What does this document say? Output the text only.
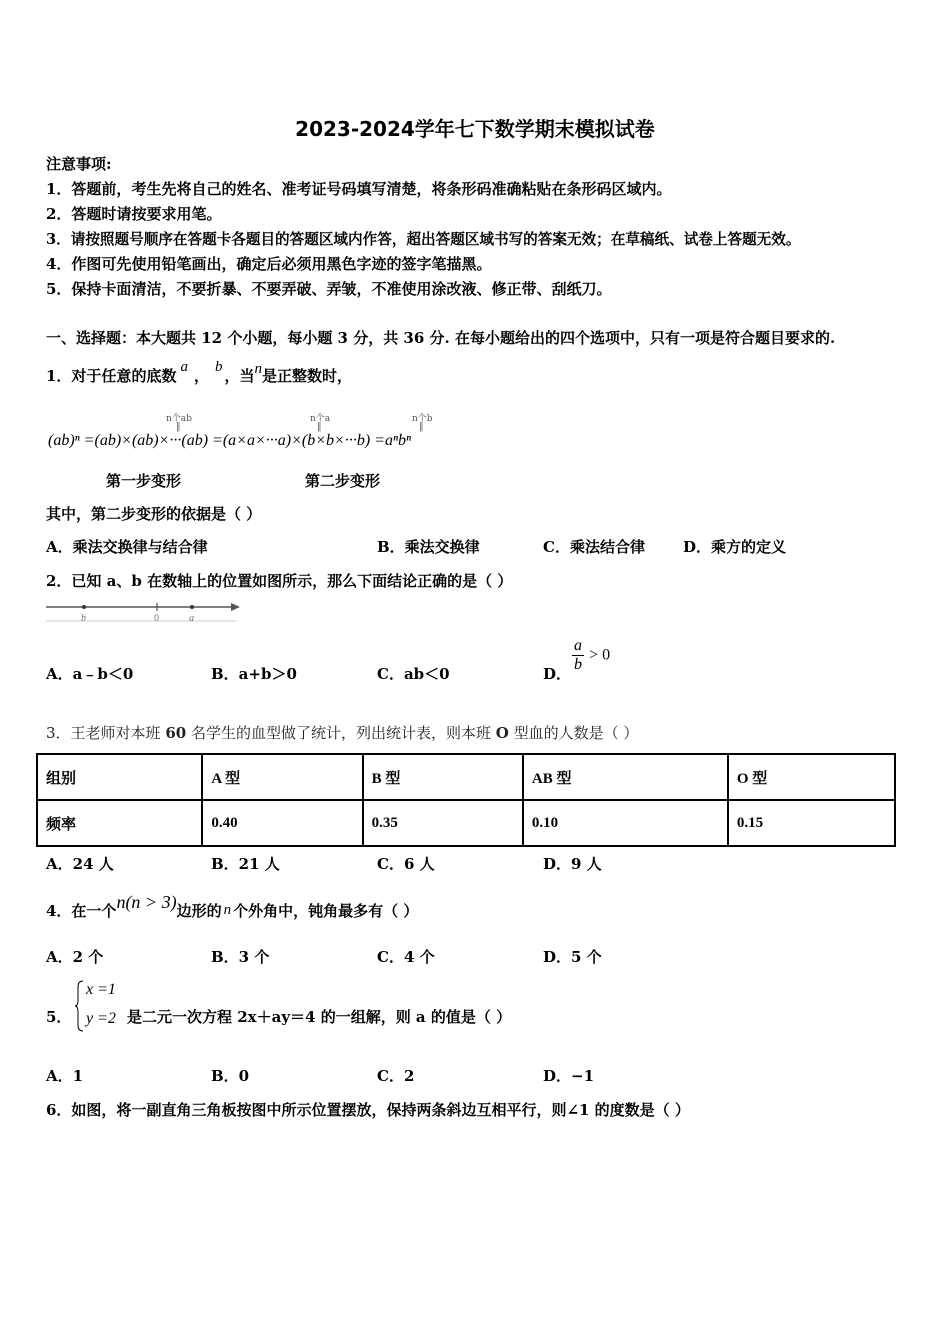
2023-2024学年七下数学期末模拟试卷
注意事项:
1．答题前，考生先将自己的姓名、准考证号码填写清楚，将条形码准确粘贴在条形码区域内。
2．答题时请按要求用笔。
3．请按照题号顺序在答题卡各题目的答题区域内作答，超出答题区域书写的答案无效；在草稿纸、试卷上答题无效。
4．作图可先使用铅笔画出，确定后必须用黑色字迹的签字笔描黑。
5．保持卡面清洁，不要折暴、不要弄破、弄皱，不准使用涂改液、修正带、刮纸刀。
一、选择题：本大题共 12 个小题，每小题 3 分，共 36 分. 在每小题给出的四个选项中，只有一项是符合题目要求的.
1．对于任意的底数 a ， b ，当n是正整数时，
n个ab	n个a	n个b
‖	‖	‖
(ab)ⁿ =(ab)×(ab)×···(ab) =(a×a×···a)×(b×b×···b) =aⁿbⁿ
第一步变形	第二步变形
其中，第二步变形的依据是（ ）
A．乘法交换律与结合律	B．乘法交换律	C．乘法结合律	D．乘方的定义
2．已知 a、b 在数轴上的位置如图所示，那么下面结论正确的是（ ）
b	0	a
A．a﹣b＜0	B．a+b＞0	C．ab＜0	D． $\frac{a}{b} > 0$
3．王老师对本班 60 名学生的血型做了统计，列出统计表，则本班 O 型血的人数是（ ）
组别	A 型	B 型	AB 型	O 型
频率	0.40	0.35	0.10	0.15
A．24 人	B．21 人	C．6 人	D．9 人
4．在一个n(n > 3)边形的 n 个外角中，钝角最多有（ ）
A．2 个	B．3 个	C．4 个	D．5 个
5．
x =1
y =2 是二元一次方程 2x＋ay＝4 的一组解，则 a 的值是（ ）
A．1	B．0	C．2	D．−1
6．如图，将一副直角三角板按图中所示位置摆放，保持两条斜边互相平行，则∠1 的度数是（ ）
